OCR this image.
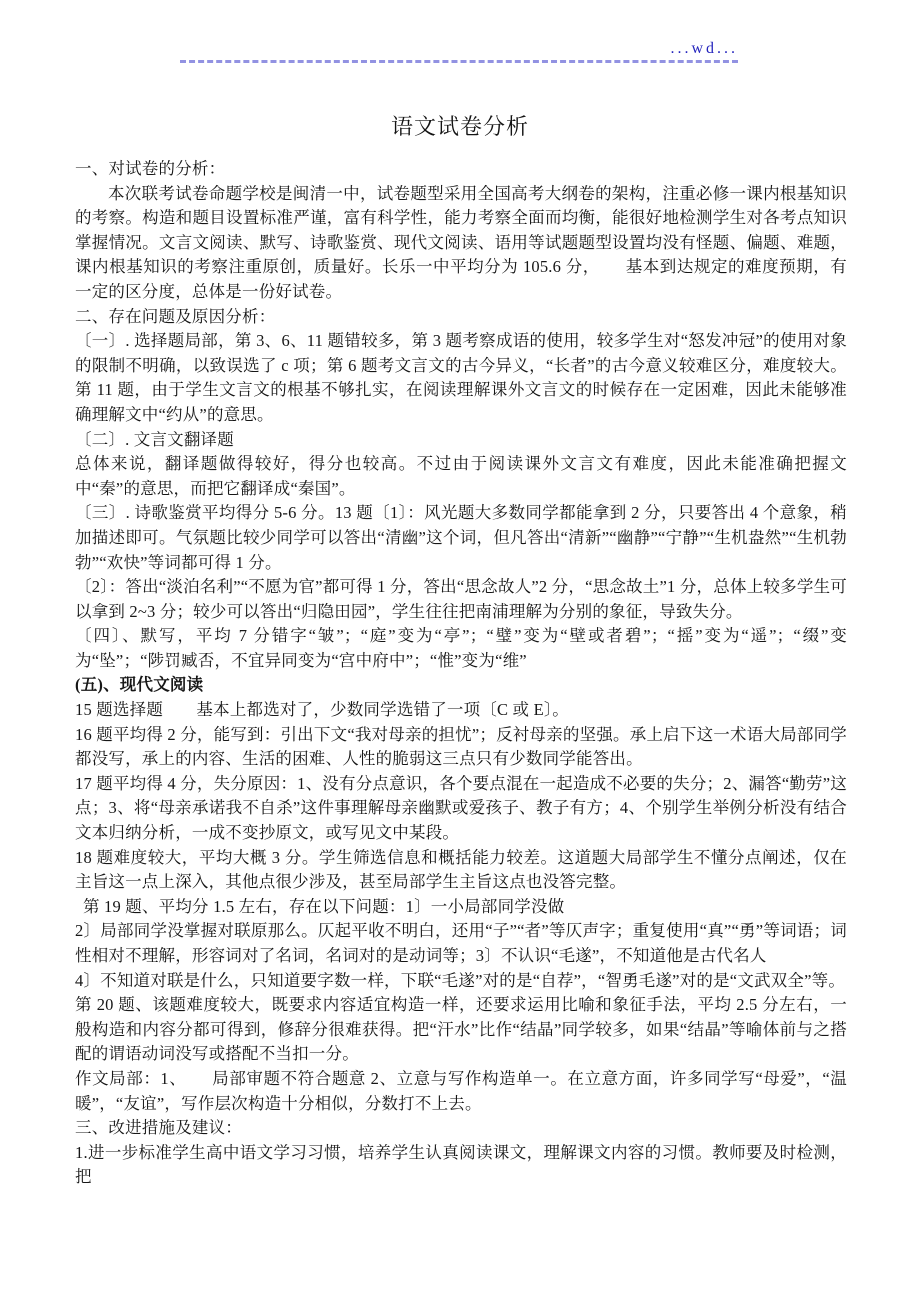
...wd...
语文试卷分析

一、对试卷的分析：

本次联考试卷命题学校是闽清一中，试卷题型采用全国高考大纲卷的架构，注重必修一课内根基知识的考察。构造和题目设置标准严谨，富有科学性，能力考察全面而均衡，能很好地检测学生对各考点知识掌握情况。文言文阅读、默写、诗歌鉴赏、现代文阅读、语用等试题题型设置均没有怪题、偏题、难题，课内根基知识的考察注重原创，质量好。长乐一中平均分为 105.6 分，　　基本到达规定的难度预期，有一定的区分度，总体是一份好试卷。

二、存在问题及原因分析：

〔一〕. 选择题局部，第 3、6、11 题错较多，第 3 题考察成语的使用，较多学生对“怒发冲冠”的使用对象的限制不明确，以致误选了 c 项；第 6 题考文言文的古今异义，“长者”的古今意义较难区分，难度较大。第 11 题，由于学生文言文的根基不够扎实，在阅读理解课外文言文的时候存在一定困难，因此未能够准确理解文中“约从”的意思。

〔二〕. 文言文翻译题

总体来说，翻译题做得较好，得分也较高。不过由于阅读课外文言文有难度，因此未能准确把握文中“秦”的意思，而把它翻译成“秦国”。

〔三〕. 诗歌鉴赏平均得分 5-6 分。13 题〔1〕：风光题大多数同学都能拿到 2 分，只要答出 4 个意象，稍加描述即可。气氛题比较少同学可以答出“清幽”这个词，但凡答出“清新”“幽静”“宁静”“生机盎然”“生机勃勃”“欢快”等词都可得 1 分。

〔2〕：答出“淡泊名利”“不愿为官”都可得 1 分，答出“思念故人”2 分，“思念故土”1 分，总体上较多学生可以拿到 2~3 分；较少可以答出“归隐田园”，学生往往把南浦理解为分别的象征，导致失分。

〔四〕、默写，平均 7 分错字“皱”；“庭”变为“亭”；“璧”变为“壁或者碧”；“摇”变为“遥”；“缀”变为“坠”；“陟罚臧否，不宜异同变为“宫中府中”；“惟”变为“维”

(五)、现代文阅读

15 题选择题　　基本上都选对了，少数同学选错了一项〔C 或 E〕。

16 题平均得 2 分，能写到：引出下文“我对母亲的担忧”；反衬母亲的坚强。承上启下这一术语大局部同学都没写，承上的内容、生活的困难、人性的脆弱这三点只有少数同学能答出。

17 题平均得 4 分，失分原因：1、没有分点意识，各个要点混在一起造成不必要的失分；2、漏答“勤劳”这点；3、将“母亲承诺我不自杀”这件事理解母亲幽默或爱孩子、教子有方；4、个别学生举例分析没有结合文本归纳分析，一成不变抄原文，或写见文中某段。

18 题难度较大，平均大概 3 分。学生筛选信息和概括能力较差。这道题大局部学生不懂分点阐述，仅在主旨这一点上深入，其他点很少涉及，甚至局部学生主旨这点也没答完整。

第 19 题、平均分 1.5 左右，存在以下问题：1〕一小局部同学没做

2〕局部同学没掌握对联原那么。仄起平收不明白，还用“子”“者”等仄声字；重复使用“真”“勇”等词语；词性相对不理解，形容词对了名词，名词对的是动词等；3〕不认识“毛遂”，不知道他是古代名人

4〕不知道对联是什么，只知道要字数一样，下联“毛遂”对的是“自荐”，“智勇毛遂”对的是“文武双全”等。

第 20 题、该题难度较大，既要求内容适宜构造一样，还要求运用比喻和象征手法，平均 2.5 分左右，一般构造和内容分都可得到，修辞分很难获得。把“汗水”比作“结晶”同学较多，如果“结晶”等喻体前与之搭配的谓语动词没写或搭配不当扣一分。

作文局部：1、　　局部审题不符合题意 2、立意与写作构造单一。在立意方面，许多同学写“母爱”，“温暖”，“友谊”，写作层次构造十分相似，分数打不上去。

三、改进措施及建议：

1.进一步标准学生高中语文学习习惯，培养学生认真阅读课文，理解课文内容的习惯。教师要及时检测，把
